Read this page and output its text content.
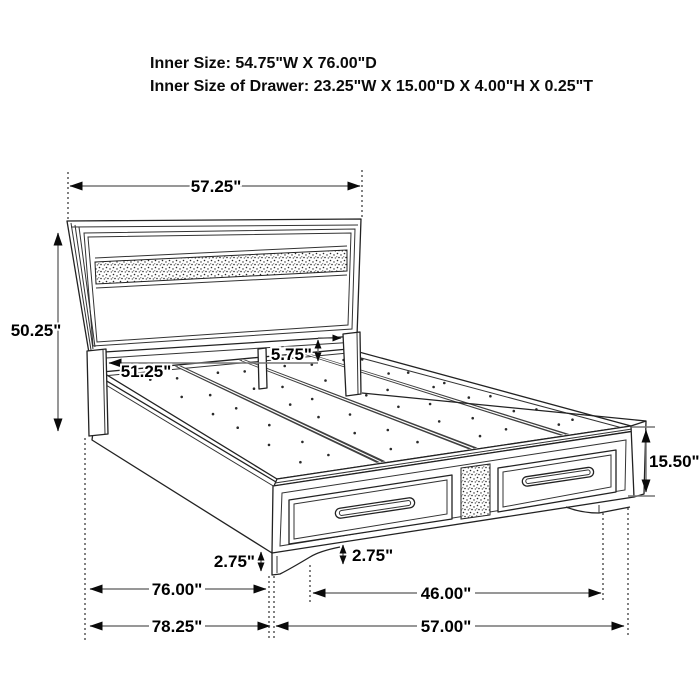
Inner Size: 54.75"W X 76.00"D
Inner Size of Drawer: 23.25"W X 15.00"D X 4.00"H X 0.25"T
57.25"
50.25"
51.25"
5.75"
15.50"
2.75"	2.75"
76.00"
78.25"
46.00"
57.00"
